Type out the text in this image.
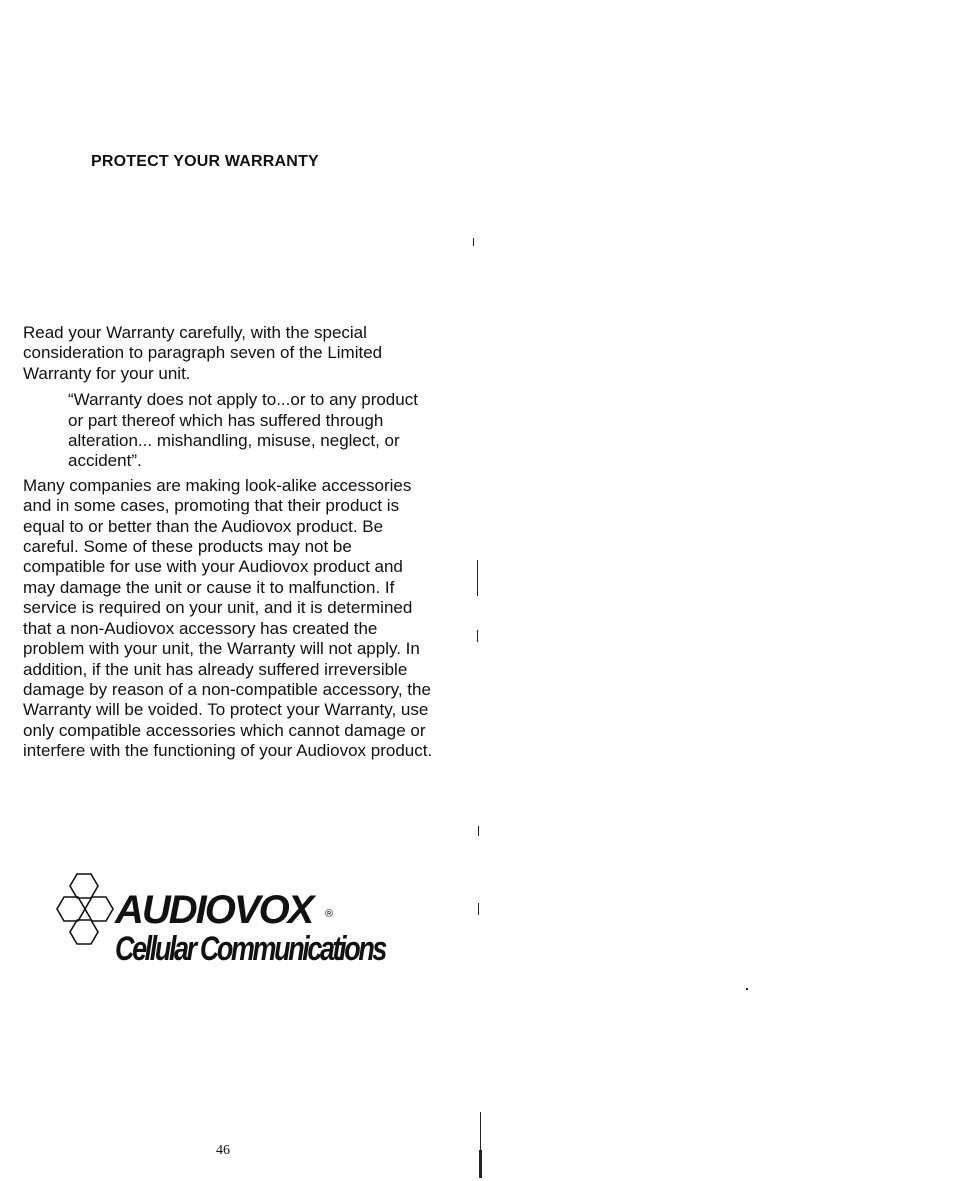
PROTECT YOUR WARRANTY

Read your Warranty carefully, with the special consideration to paragraph seven of the Limited Warranty for your unit.

“Warranty does not apply to...or to any product or part thereof which has suffered through alteration... mishandling, misuse, neglect, or accident”.

Many companies are making look-alike accessories and in some cases, promoting that their product is equal to or better than the Audiovox product. Be careful. Some of these products may not be compatible for use with your Audiovox product and may damage the unit or cause it to malfunction. If service is required on your unit, and it is determined that a non-Audiovox accessory has created the problem with your unit, the Warranty will not apply. In addition, if the unit has already suffered irreversible damage by reason of a non-compatible accessory, the Warranty will be voided. To protect your Warranty, use only compatible accessories which cannot damage or interfere with the functioning of your Audiovox product.

AUDIOVOX	®
Cellular Communications
46
